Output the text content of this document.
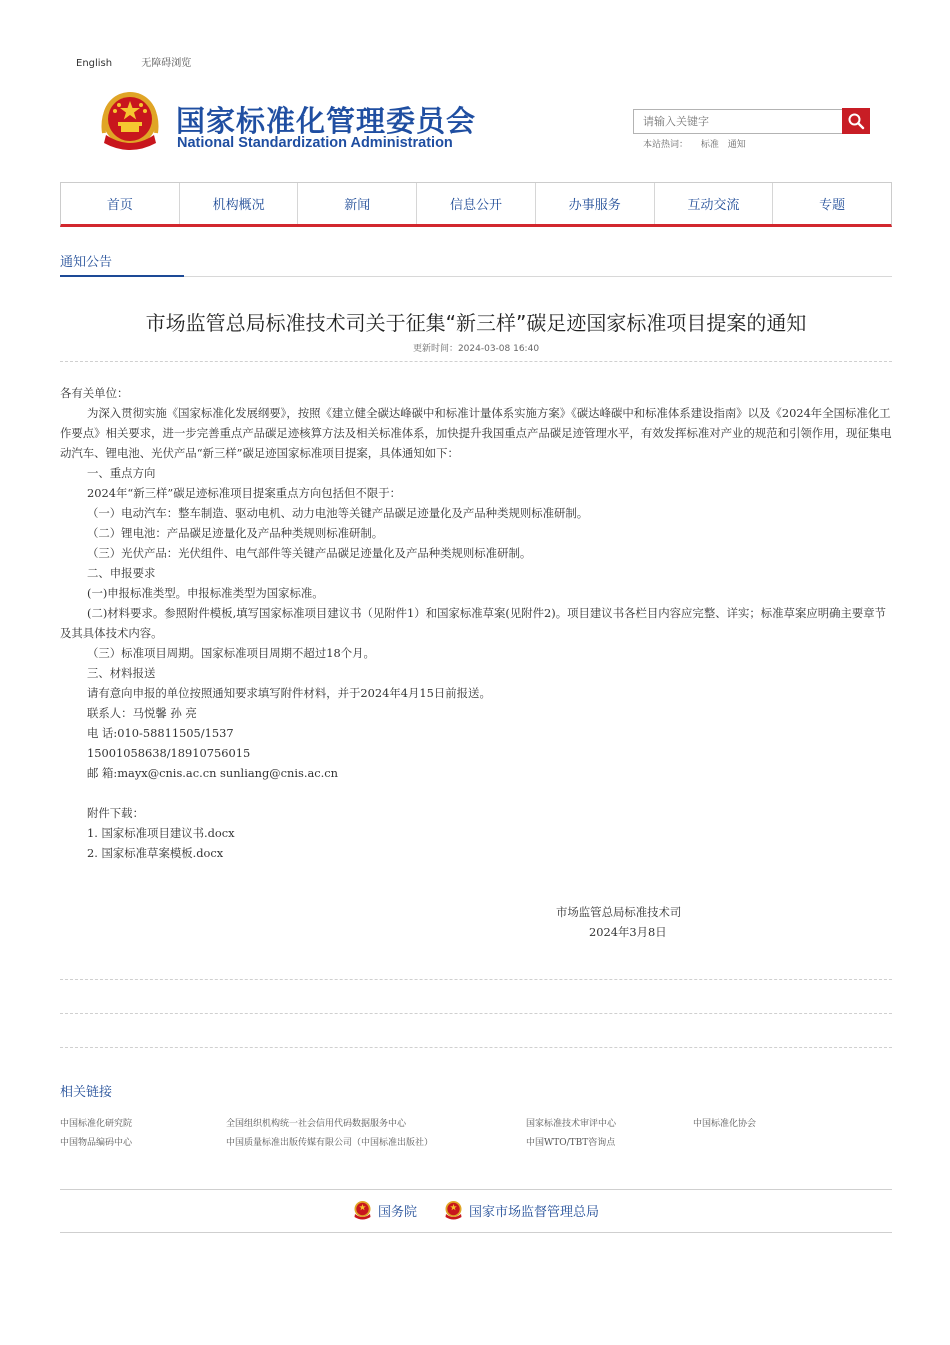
English	无障碍浏览
国家标准化管理委员会
National Standardization Administration
请输入关键字	本站热词： 标准 通知
首页	机构概况	新闻	信息公开	办事服务	互动交流	专题
通知公告
市场监管总局标准技术司关于征集“新三样”碳足迹国家标准项目提案的通知
更新时间：2024-03-08 16:40

各有关单位：

为深入贯彻实施《国家标准化发展纲要》，按照《建立健全碳达峰碳中和标准计量体系实施方案》《碳达峰碳中和标准体系建设指南》以及《2024年全国标准化工作要点》相关要求，进一步完善重点产品碳足迹核算方法及相关标准体系，加快提升我国重点产品碳足迹管理水平，有效发挥标准对产业的规范和引领作用，现征集电动汽车、锂电池、光伏产品“新三样”碳足迹国家标准项目提案，具体通知如下：

一、重点方向

2024年“新三样”碳足迹标准项目提案重点方向包括但不限于：

（一）电动汽车：整车制造、驱动电机、动力电池等关键产品碳足迹量化及产品种类规则标准研制。

（二）锂电池：产品碳足迹量化及产品种类规则标准研制。

（三）光伏产品：光伏组件、电气部件等关键产品碳足迹量化及产品种类规则标准研制。

二、申报要求

(一)申报标准类型。申报标准类型为国家标准。

(二)材料要求。参照附件模板,填写国家标准项目建议书（见附件1）和国家标准草案(见附件2)。项目建议书各栏目内容应完整、详实；标准草案应明确主要章节及其具体技术内容。

（三）标准项目周期。国家标准项目周期不超过18个月。

三、材料报送

请有意向申报的单位按照通知要求填写附件材料，并于2024年4月15日前报送。

联系人：马悦馨 孙 亮

电 话:010-58811505/1537

15001058638/18910756015

邮 箱:mayx@cnis.ac.cn sunliang@cnis.ac.cn

附件下载：

1. 国家标准项目建议书.docx

2. 国家标准草案模板.docx

市场监管总局标准技术司
2024年3月8日
相关链接
中国标准化研究院	全国组织机构统一社会信用代码数据服务中心	国家标准技术审评中心	中国标准化协会
中国物品编码中心	中国质量标准出版传媒有限公司（中国标准出版社）	中国WTO/TBT咨询点
国务院	国家市场监督管理总局
